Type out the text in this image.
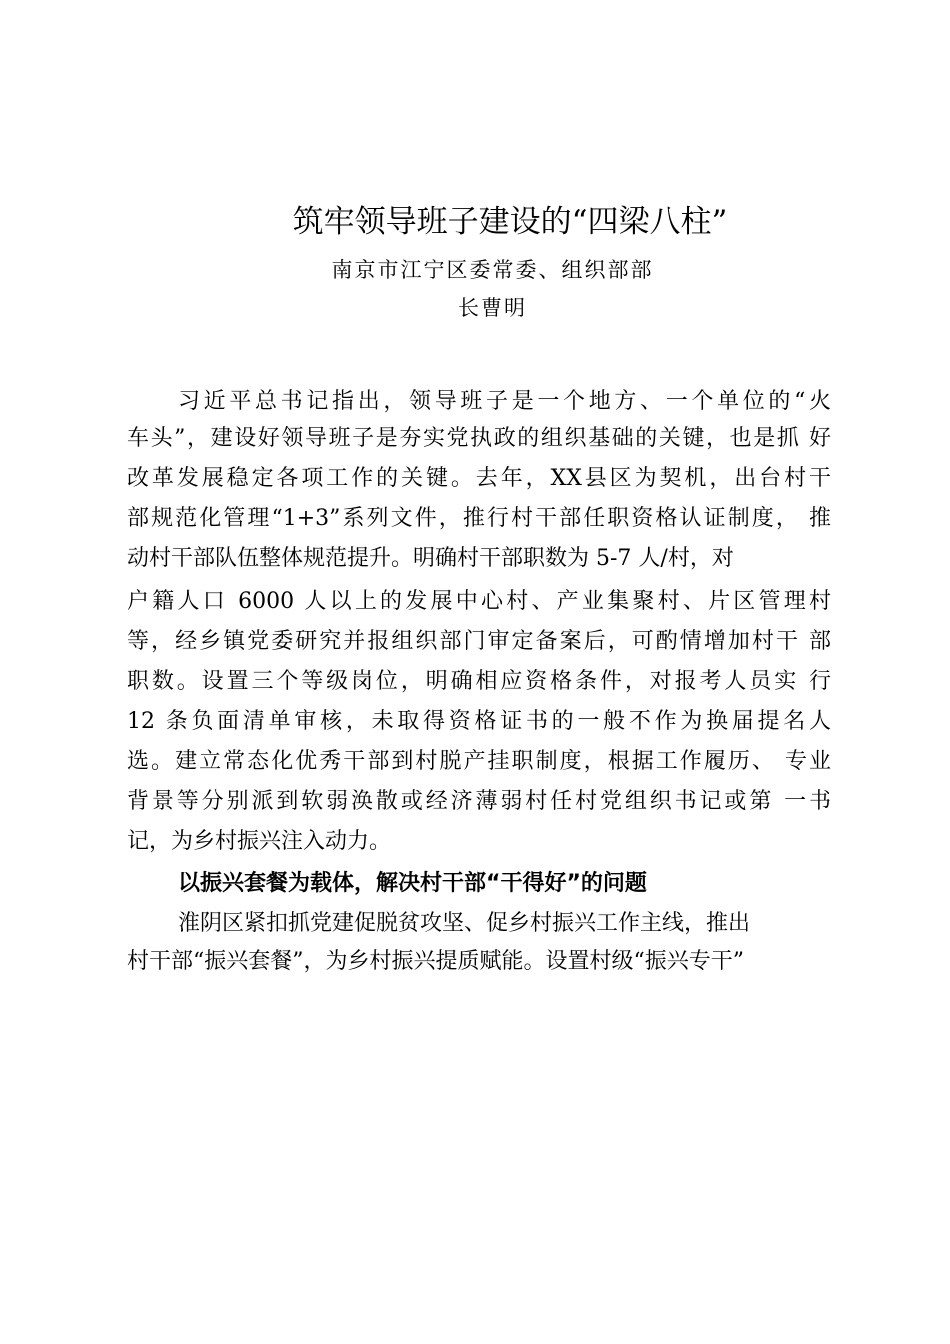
筑牢领导班子建设的“四梁八柱”
南京市江宁区委常委、组织部部
长曹明
习近平总书记指出，领导班子是一个地方、一个单位的“火
车头”，建设好领导班子是夯实党执政的组织基础的关键，也是抓 好
改革发展稳定各项工作的关键。去年，XX县区为契机，出台村干
部规范化管理“1+3”系列文件，推行村干部任职资格认证制度， 推
动村干部队伍整体规范提升。明确村干部职数为 5-7 人/村，对
户籍人口 6000 人以上的发展中心村、产业集聚村、片区管理村
等，经乡镇党委研究并报组织部门审定备案后，可酌情增加村干 部
职数。设置三个等级岗位，明确相应资格条件，对报考人员实 行
12 条负面清单审核，未取得资格证书的一般不作为换届提名人
选。建立常态化优秀干部到村脱产挂职制度，根据工作履历、 专业
背景等分别派到软弱涣散或经济薄弱村任村党组织书记或第 一书
记，为乡村振兴注入动力。
以振兴套餐为载体，解决村干部“干得好”的问题
淮阴区紧扣抓党建促脱贫攻坚、促乡村振兴工作主线，推出
村干部“振兴套餐”，为乡村振兴提质赋能。设置村级“振兴专干”
